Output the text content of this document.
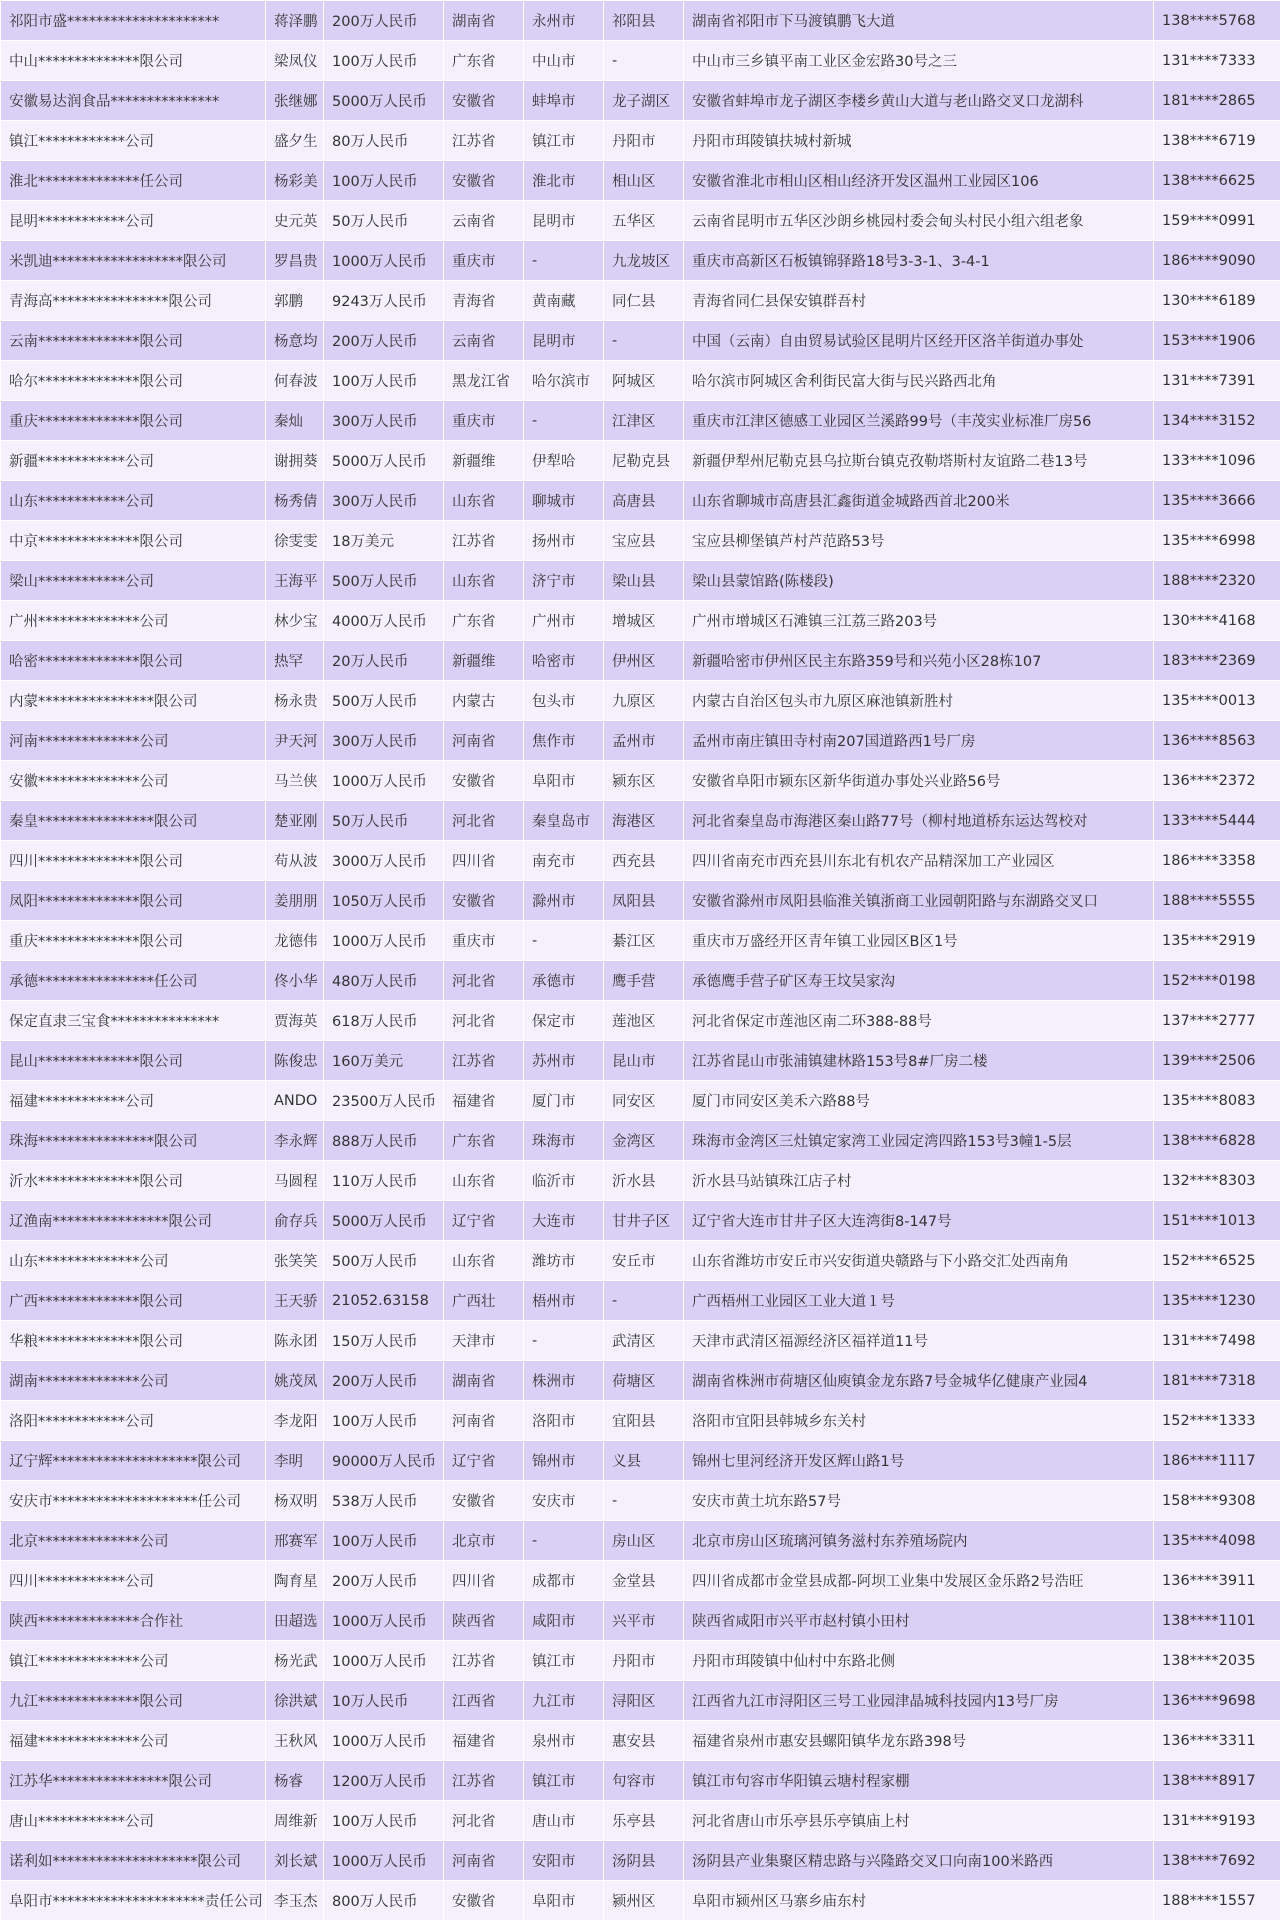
祁阳市盛*********************	蒋泽鹏	200万人民币	湖南省	永州市	祁阳县	湖南省祁阳市下马渡镇鹏飞大道	138****5768
中山**************限公司	梁凤仪	100万人民币	广东省	中山市	-	中山市三乡镇平南工业区金宏路30号之三	131****7333
安徽易达润食品***************	张继娜	5000万人民币	安徽省	蚌埠市	龙子湖区	安徽省蚌埠市龙子湖区李楼乡黄山大道与老山路交叉口龙湖科	181****2865
镇江************公司	盛夕生	80万人民币	江苏省	镇江市	丹阳市	丹阳市珥陵镇扶城村新城	138****6719
淮北**************任公司	杨彩美	100万人民币	安徽省	淮北市	相山区	安徽省淮北市相山区相山经济开发区温州工业园区106	138****6625
昆明************公司	史元英	50万人民币	云南省	昆明市	五华区	云南省昆明市五华区沙朗乡桃园村委会甸头村民小组六组老象	159****0991
米凯迪******************限公司	罗昌贵	1000万人民币	重庆市	-	九龙坡区	重庆市高新区石板镇锦驿路18号3-3-1、3-4-1	186****9090
青海高****************限公司	郭鹏	9243万人民币	青海省	黄南藏	同仁县	青海省同仁县保安镇群吾村	130****6189
云南**************限公司	杨意均	200万人民币	云南省	昆明市	-	中国（云南）自由贸易试验区昆明片区经开区洛羊街道办事处	153****1906
哈尔**************限公司	何春波	100万人民币	黑龙江省	哈尔滨市	阿城区	哈尔滨市阿城区舍利街民富大街与民兴路西北角	131****7391
重庆**************限公司	秦灿	300万人民币	重庆市	-	江津区	重庆市江津区德感工业园区兰溪路99号（丰茂实业标准厂房56	134****3152
新疆************公司	谢拥葵	5000万人民币	新疆维	伊犁哈	尼勒克县	新疆伊犁州尼勒克县乌拉斯台镇克孜勒塔斯村友谊路二巷13号	133****1096
山东************公司	杨秀倩	300万人民币	山东省	聊城市	高唐县	山东省聊城市高唐县汇鑫街道金城路西首北200米	135****3666
中京**************限公司	徐雯雯	18万美元	江苏省	扬州市	宝应县	宝应县柳堡镇芦村芦范路53号	135****6998
梁山************公司	王海平	500万人民币	山东省	济宁市	梁山县	梁山县蒙馆路(陈楼段)	188****2320
广州**************公司	林少宝	4000万人民币	广东省	广州市	增城区	广州市增城区石滩镇三江荔三路203号	130****4168
哈密**************限公司	热罕	20万人民币	新疆维	哈密市	伊州区	新疆哈密市伊州区民主东路359号和兴苑小区28栋107	183****2369
内蒙****************限公司	杨永贵	500万人民币	内蒙古	包头市	九原区	内蒙古自治区包头市九原区麻池镇新胜村	135****0013
河南**************公司	尹天河	300万人民币	河南省	焦作市	孟州市	孟州市南庄镇田寺村南207国道路西1号厂房	136****8563
安徽**************公司	马兰侠	1000万人民币	安徽省	阜阳市	颍东区	安徽省阜阳市颍东区新华街道办事处兴业路56号	136****2372
秦皇****************限公司	楚亚刚	50万人民币	河北省	秦皇岛市	海港区	河北省秦皇岛市海港区秦山路77号（柳村地道桥东运达驾校对	133****5444
四川**************限公司	苟从波	3000万人民币	四川省	南充市	西充县	四川省南充市西充县川东北有机农产品精深加工产业园区	186****3358
凤阳**************限公司	姜朋朋	1050万人民币	安徽省	滁州市	凤阳县	安徽省滁州市凤阳县临淮关镇浙商工业园朝阳路与东湖路交叉口	188****5555
重庆**************限公司	龙德伟	1000万人民币	重庆市	-	綦江区	重庆市万盛经开区青年镇工业园区B区1号	135****2919
承德****************任公司	佟小华	480万人民币	河北省	承德市	鹰手营	承德鹰手营子矿区寿王坟吴家沟	152****0198
保定直隶三宝食***************	贾海英	618万人民币	河北省	保定市	莲池区	河北省保定市莲池区南二环388-88号	137****2777
昆山**************限公司	陈俊忠	160万美元	江苏省	苏州市	昆山市	江苏省昆山市张浦镇建林路153号8#厂房二楼	139****2506
福建************公司	ANDO	23500万人民币	福建省	厦门市	同安区	厦门市同安区美禾六路88号	135****8083
珠海****************限公司	李永辉	888万人民币	广东省	珠海市	金湾区	珠海市金湾区三灶镇定家湾工业园定湾四路153号3幢1-5层	138****6828
沂水**************限公司	马圆程	110万人民币	山东省	临沂市	沂水县	沂水县马站镇珠江店子村	132****8303
辽渔南****************限公司	俞存兵	5000万人民币	辽宁省	大连市	甘井子区	辽宁省大连市甘井子区大连湾街8-147号	151****1013
山东**************公司	张笑笑	500万人民币	山东省	潍坊市	安丘市	山东省潍坊市安丘市兴安街道央赣路与下小路交汇处西南角	152****6525
广西**************限公司	王天骄	21052.63158	广西壮	梧州市	-	广西梧州工业园区工业大道１号	135****1230
华粮**************限公司	陈永团	150万人民币	天津市	-	武清区	天津市武清区福源经济区福祥道11号	131****7498
湖南**************公司	姚茂凤	200万人民币	湖南省	株洲市	荷塘区	湖南省株洲市荷塘区仙庾镇金龙东路7号金城华亿健康产业园4	181****7318
洛阳************公司	李龙阳	100万人民币	河南省	洛阳市	宜阳县	洛阳市宜阳县韩城乡东关村	152****1333
辽宁辉********************限公司	李明	90000万人民币	辽宁省	锦州市	义县	锦州七里河经济开发区辉山路1号	186****1117
安庆市********************任公司	杨双明	538万人民币	安徽省	安庆市	-	安庆市黄土坑东路57号	158****9308
北京**************公司	邢赛军	100万人民币	北京市	-	房山区	北京市房山区琉璃河镇务滋村东养殖场院内	135****4098
四川************公司	陶育星	200万人民币	四川省	成都市	金堂县	四川省成都市金堂县成都-阿坝工业集中发展区金乐路2号浩旺	136****3911
陕西**************合作社	田超选	1000万人民币	陕西省	咸阳市	兴平市	陕西省咸阳市兴平市赵村镇小田村	138****1101
镇江**************公司	杨光武	1000万人民币	江苏省	镇江市	丹阳市	丹阳市珥陵镇中仙村中东路北侧	138****2035
九江**************限公司	徐洪斌	10万人民币	江西省	九江市	浔阳区	江西省九江市浔阳区三号工业园津晶城科技园内13号厂房	136****9698
福建**************公司	王秋风	1000万人民币	福建省	泉州市	惠安县	福建省泉州市惠安县螺阳镇华龙东路398号	136****3311
江苏华****************限公司	杨睿	1200万人民币	江苏省	镇江市	句容市	镇江市句容市华阳镇云塘村程家棚	138****8917
唐山************公司	周维新	100万人民币	河北省	唐山市	乐亭县	河北省唐山市乐亭县乐亭镇庙上村	131****9193
诺利如********************限公司	刘长斌	1000万人民币	河南省	安阳市	汤阴县	汤阴县产业集聚区精忠路与兴隆路交叉口向南100米路西	138****7692
阜阳市*********************责任公司	李玉杰	800万人民币	安徽省	阜阳市	颍州区	阜阳市颍州区马寨乡庙东村	188****1557
